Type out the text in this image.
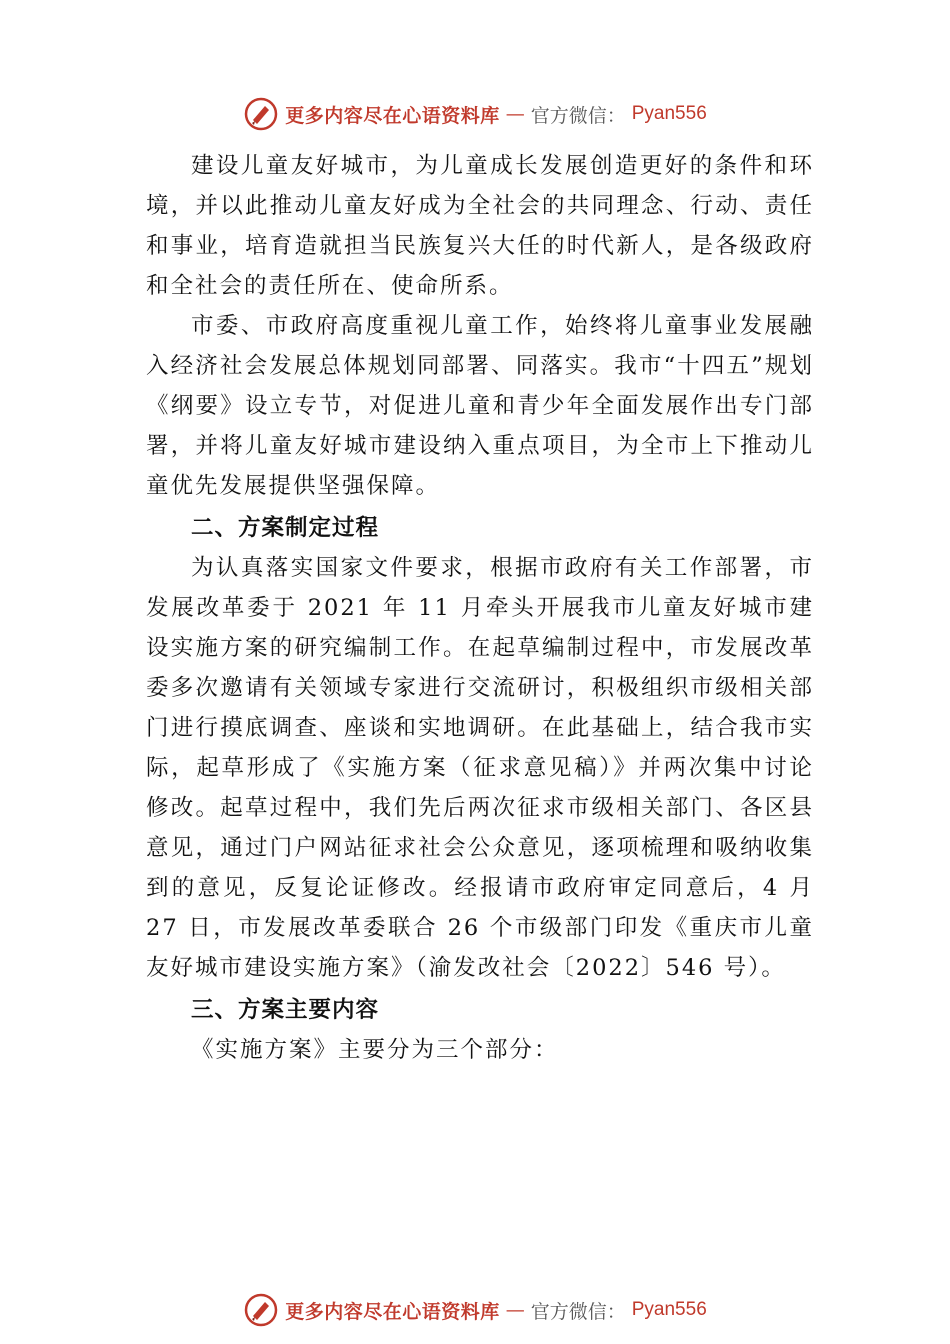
更多内容尽在心语资料库 — 官方微信： Pyan556

建设儿童友好城市，为儿童成长发展创造更好的条件和环境，并以此推动儿童友好成为全社会的共同理念、行动、责任和事业，培育造就担当民族复兴大任的时代新人，是各级政府和全社会的责任所在、使命所系。

市委、市政府高度重视儿童工作，始终将儿童事业发展融入经济社会发展总体规划同部署、同落实。我市“十四五”规划《纲要》设立专节，对促进儿童和青少年全面发展作出专门部署，并将儿童友好城市建设纳入重点项目，为全市上下推动儿童优先发展提供坚强保障。

二、方案制定过程

为认真落实国家文件要求，根据市政府有关工作部署，市发展改革委于 2021 年 11 月牵头开展我市儿童友好城市建设实施方案的研究编制工作。在起草编制过程中，市发展改革委多次邀请有关领域专家进行交流研讨，积极组织市级相关部门进行摸底调查、座谈和实地调研。在此基础上，结合我市实际，起草形成了《实施方案（征求意见稿）》并两次集中讨论修改。起草过程中，我们先后两次征求市级相关部门、各区县意见，通过门户网站征求社会公众意见，逐项梳理和吸纳收集到的意见，反复论证修改。经报请市政府审定同意后，4 月 27 日，市发展改革委联合 26 个市级部门印发《重庆市儿童友好城市建设实施方案》（渝发改社会〔2022〕546 号）。

三、方案主要内容

《实施方案》主要分为三个部分：

更多内容尽在心语资料库 — 官方微信： Pyan556
